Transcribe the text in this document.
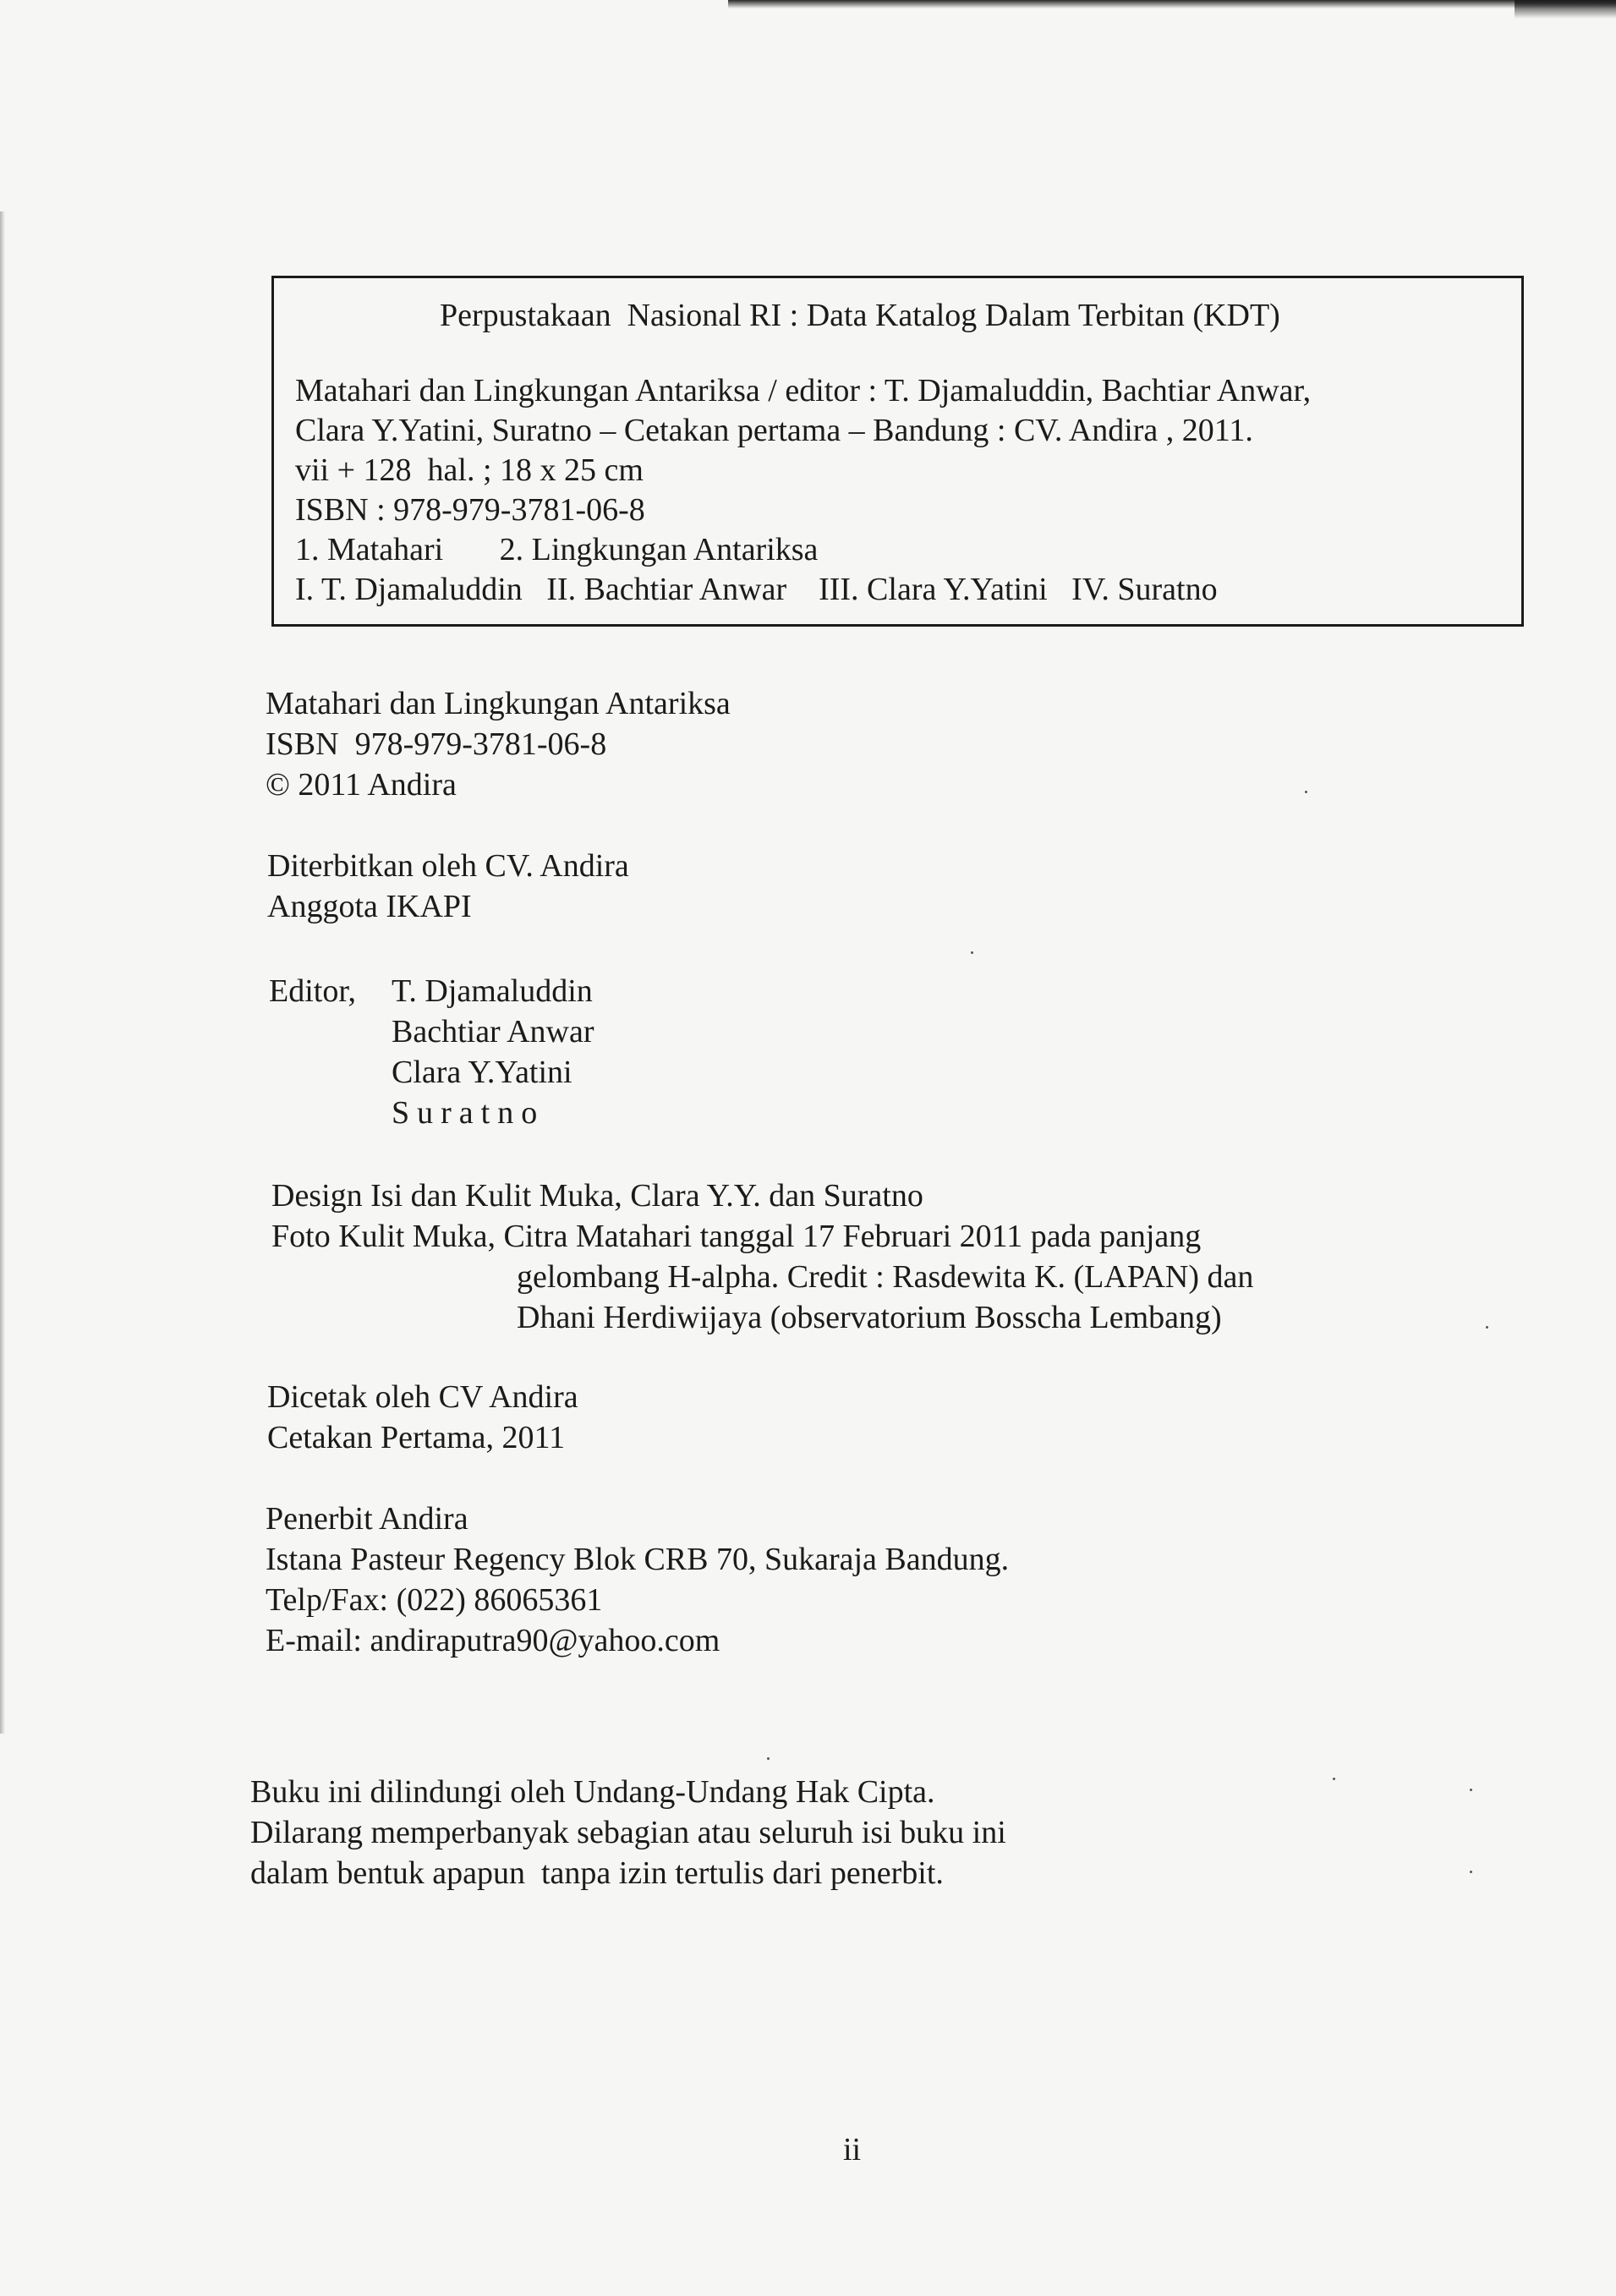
Perpustakaan  Nasional RI : Data Katalog Dalam Terbitan (KDT)

Matahari dan Lingkungan Antariksa / editor : T. Djamaluddin, Bachtiar Anwar,

Clara Y.Yatini, Suratno – Cetakan pertama – Bandung : CV. Andira , 2011.

vii + 128  hal. ; 18 x 25 cm

ISBN : 978-979-3781-06-8

1. Matahari       2. Lingkungan Antariksa

I. T. Djamaluddin   II. Bachtiar Anwar    III. Clara Y.Yatini   IV. Suratno

Matahari dan Lingkungan Antariksa

ISBN  978-979-3781-06-8

© 2011 Andira

Diterbitkan oleh CV. Andira

Anggota IKAPI

Editor, T. Djamaluddin

Bachtiar Anwar

Clara Y.Yatini

Suratno

Design Isi dan Kulit Muka, Clara Y.Y. dan Suratno

Foto Kulit Muka, Citra Matahari tanggal 17 Februari 2011 pada panjang

gelombang H-alpha. Credit : Rasdewita K. (LAPAN) dan

Dhani Herdiwijaya (observatorium Bosscha Lembang)

Dicetak oleh CV Andira

Cetakan Pertama, 2011

Penerbit Andira

Istana Pasteur Regency Blok CRB 70, Sukaraja Bandung.

Telp/Fax: (022) 86065361

E-mail: andiraputra90@yahoo.com

Buku ini dilindungi oleh Undang-Undang Hak Cipta.

Dilarang memperbanyak sebagian atau seluruh isi buku ini

dalam bentuk apapun  tanpa izin tertulis dari penerbit.

ii
